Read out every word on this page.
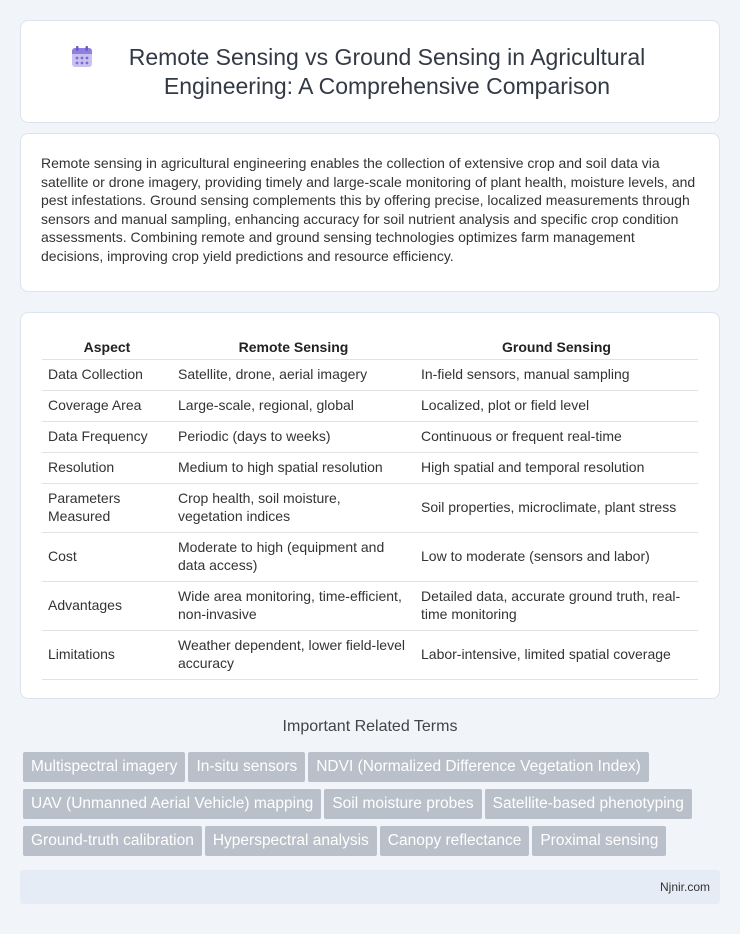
Remote Sensing vs Ground Sensing in Agricultural Engineering: A Comprehensive Comparison

Remote sensing in agricultural engineering enables the collection of extensive crop and soil data via satellite or drone imagery, providing timely and large-scale monitoring of plant health, moisture levels, and pest infestations. Ground sensing complements this by offering precise, localized measurements through sensors and manual sampling, enhancing accuracy for soil nutrient analysis and specific crop condition assessments. Combining remote and ground sensing technologies optimizes farm management decisions, improving crop yield predictions and resource efficiency.

Aspect	Remote Sensing	Ground Sensing
Data Collection	Satellite, drone, aerial imagery	In-field sensors, manual sampling
Coverage Area	Large-scale, regional, global	Localized, plot or field level
Data Frequency	Periodic (days to weeks)	Continuous or frequent real-time
Resolution	Medium to high spatial resolution	High spatial and temporal resolution
Parameters Measured	Crop health, soil moisture, vegetation indices	Soil properties, microclimate, plant stress
Cost	Moderate to high (equipment and data access)	Low to moderate (sensors and labor)
Advantages	Wide area monitoring, time-efficient, non-invasive	Detailed data, accurate ground truth, real-time monitoring
Limitations	Weather dependent, lower field-level accuracy	Labor-intensive, limited spatial coverage
Important Related Terms
Multispectral imagery In-situ sensors NDVI (Normalized Difference Vegetation Index)UAV (Unmanned Aerial Vehicle) mapping Soil moisture probes Satellite-based phenotypingGround-truth calibration Hyperspectral analysis Canopy reflectance Proximal sensing
Njnir.com
